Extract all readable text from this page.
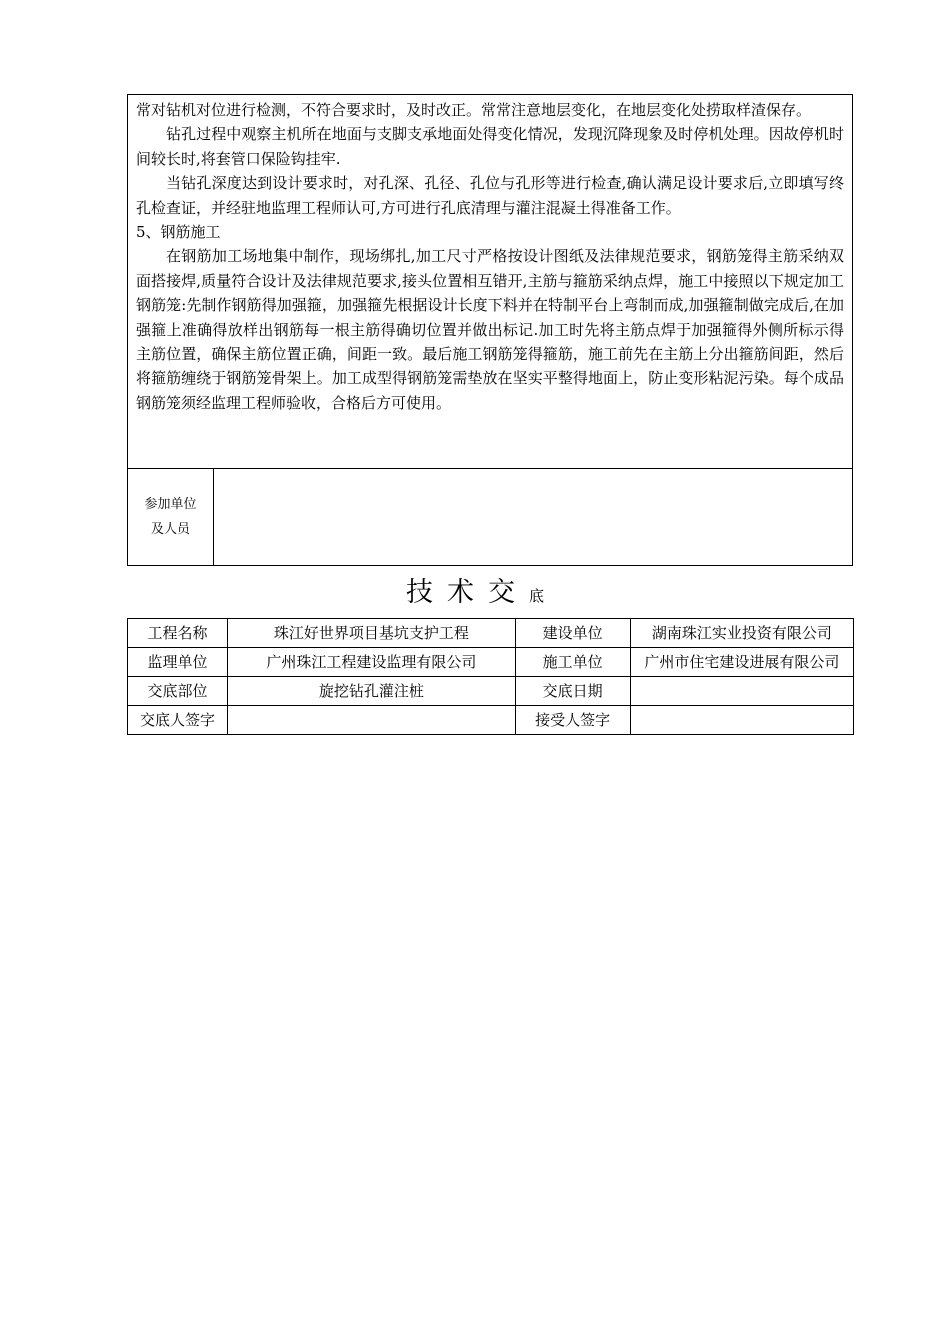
常对钻机对位进行检测，不符合要求时，及时改正。常常注意地层变化，在地层变化处捞取样渣保存。

钻孔过程中观察主机所在地面与支脚支承地面处得变化情况，发现沉降现象及时停机处理。因故停机时间较长时,将套管口保险钩挂牢.

当钻孔深度达到设计要求时，对孔深、孔径、孔位与孔形等进行检查,确认满足设计要求后,立即填写终孔检查证，并经驻地监理工程师认可,方可进行孔底清理与灌注混凝土得准备工作。

5、钢筋施工

在钢筋加工场地集中制作，现场绑扎,加工尺寸严格按设计图纸及法律规范要求，钢筋笼得主筋采纳双面搭接焊,质量符合设计及法律规范要求,接头位置相互错开,主筋与箍筋采纳点焊，施工中接照以下规定加工钢筋笼:先制作钢筋得加强箍，加强箍先根据设计长度下料并在特制平台上弯制而成,加强箍制做完成后,在加强箍上准确得放样出钢筋每一根主筋得确切位置并做出标记.加工时先将主筋点焊于加强箍得外侧所标示得主筋位置，确保主筋位置正确，间距一致。最后施工钢筋笼得箍筋，施工前先在主筋上分出箍筋间距，然后将箍筋缠绕于钢筋笼骨架上。加工成型得钢筋笼需垫放在坚实平整得地面上，防止变形粘泥污染。每个成品钢筋笼须经监理工程师验收，合格后方可使用。

参加单位
及人员
技术交底
工程名称	珠江好世界项目基坑支护工程	建设单位	湖南珠江实业投资有限公司
监理单位	广州珠江工程建设监理有限公司	施工单位	广州市住宅建设进展有限公司
交底部位	旋挖钻孔灌注桩	交底日期	
交底人签字		接受人签字	
